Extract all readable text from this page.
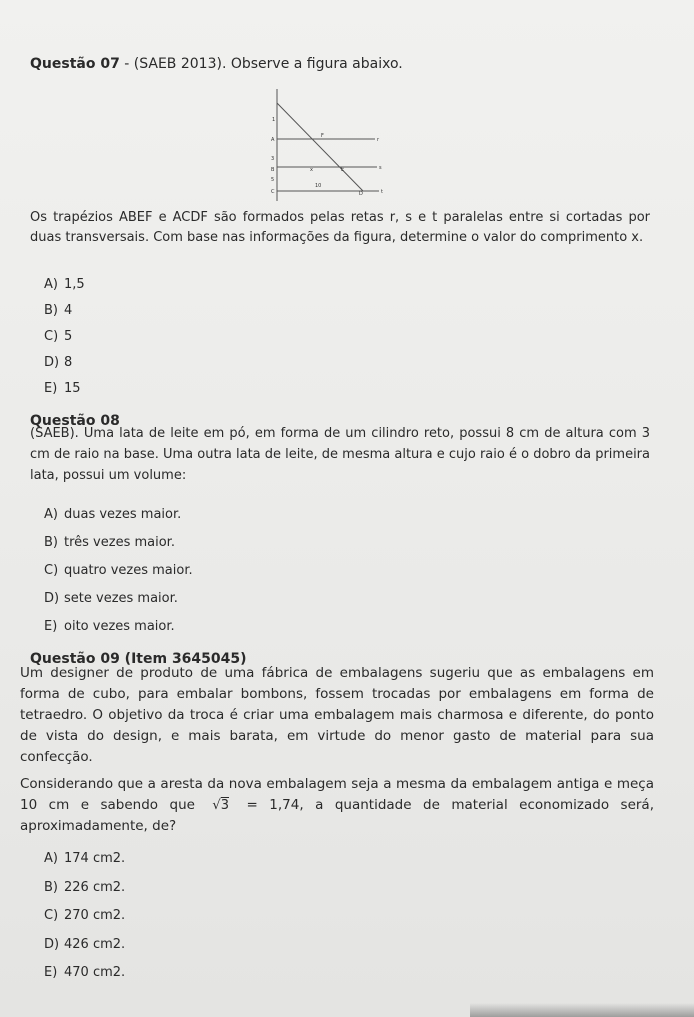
Questão 07 - (SAEB 2013). Observe a figura abaixo.

1
A
3
B
5
C
F
r
x	E	s
10
D	t

Os trapézios ABEF e ACDF são formados pelas retas r, s e t paralelas entre si cortadas por duas transversais. Com base nas informações da figura, determine o valor do comprimento x.

A) 1,5
B) 4
C) 5
D) 8
E) 15

Questão 08

(SAEB). Uma lata de leite em pó, em forma de um cilindro reto, possui 8 cm de altura com 3 cm de raio na base. Uma outra lata de leite, de mesma altura e cujo raio é o dobro da primeira lata, possui um volume:

A) duas vezes maior.
B) três vezes maior.
C) quatro vezes maior.
D) sete vezes maior.
E) oito vezes maior.

Questão 09 (Item 3645045)

Um designer de produto de uma fábrica de embalagens sugeriu que as embalagens em forma de cubo, para embalar bombons, fossem trocadas por embalagens em forma de tetraedro. O objetivo da troca é criar uma embalagem mais charmosa e diferente, do ponto de vista do design, e mais barata, em virtude do menor gasto de material para sua confecção.

Considerando que a aresta da nova embalagem seja a mesma da embalagem antiga e meça 10 cm e sabendo que √3 = 1,74, a quantidade de material economizado será, aproximadamente, de?

A) 174 cm2.
B) 226 cm2.
C) 270 cm2.
D) 426 cm2.
E) 470 cm2.
